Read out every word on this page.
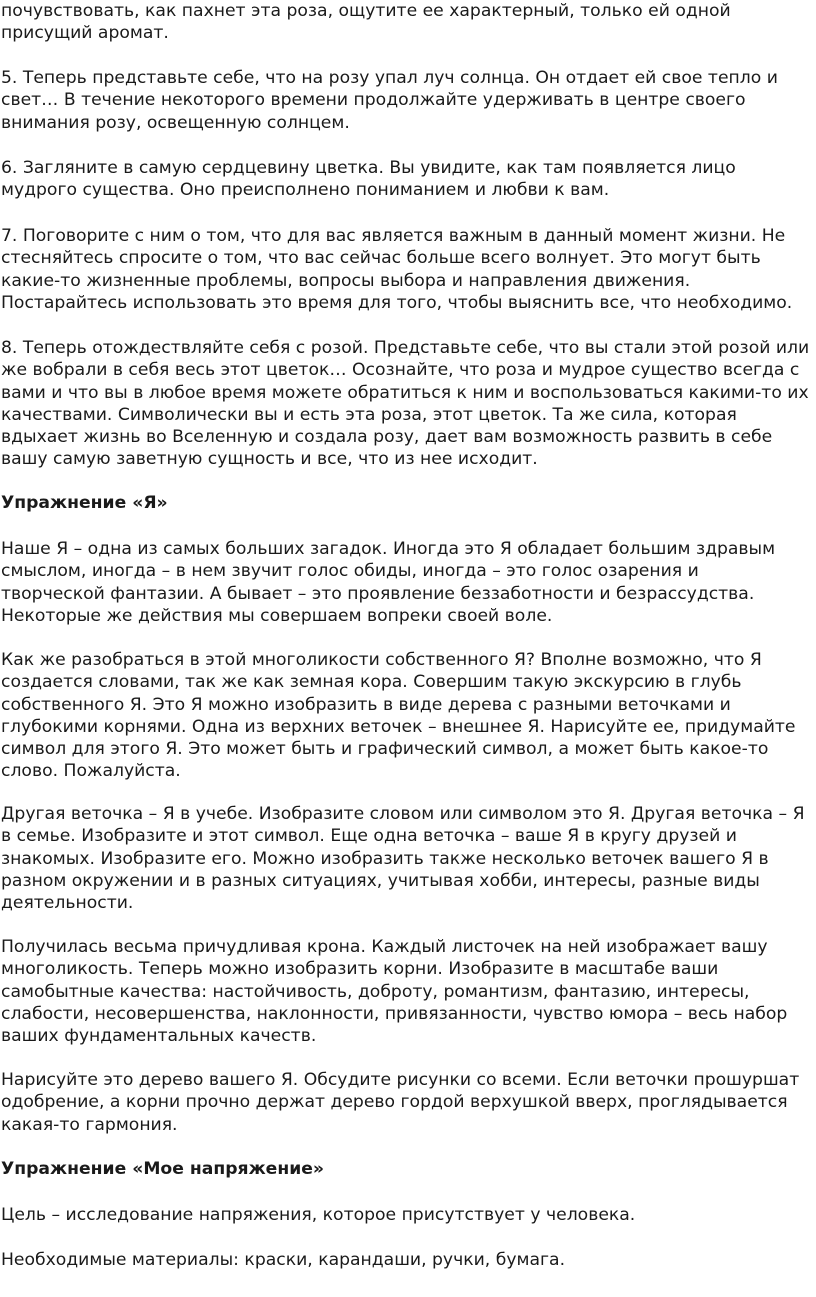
почувствовать, как пахнет эта роза, ощутите ее характерный, только ей одной присущий аромат.

5. Теперь представьте себе, что на розу упал луч солнца. Он отдает ей свое тепло и свет… В течение некоторого времени продолжайте удерживать в центре своего внимания розу, освещенную солнцем.

6. Загляните в самую сердцевину цветка. Вы увидите, как там появляется лицо мудрого существа. Оно преисполнено пониманием и любви к вам.

7. Поговорите с ним о том, что для вас является важным в данный момент жизни. Не стесняйтесь спросите о том, что вас сейчас больше всего волнует. Это могут быть какие-то жизненные проблемы, вопросы выбора и направления движения. Постарайтесь использовать это время для того, чтобы выяснить все, что необходимо.

8. Теперь отождествляйте себя с розой. Представьте себе, что вы стали этой розой или же вобрали в себя весь этот цветок… Осознайте, что роза и мудрое существо всегда с вами и что вы в любое время можете обратиться к ним и воспользоваться какими-то их качествами. Символически вы и есть эта роза, этот цветок. Та же сила, которая вдыхает жизнь во Вселенную и создала розу, дает вам возможность развить в себе вашу самую заветную сущность и все, что из нее исходит.

Упражнение «Я»

Наше Я – одна из самых больших загадок. Иногда это Я обладает большим здравым смыслом, иногда – в нем звучит голос обиды, иногда – это голос озарения и творческой фантазии. А бывает – это проявление беззаботности и безрассудства. Некоторые же действия мы совершаем вопреки своей воле.

Как же разобраться в этой многоликости собственного Я? Вполне возможно, что Я создается словами, так же как земная кора. Совершим такую экскурсию в глубь собственного Я. Это Я можно изобразить в виде дерева с разными веточками и глубокими корнями. Одна из верхних веточек – внешнее Я. Нарисуйте ее, придумайте символ для этого Я. Это может быть и графический символ, а может быть какое-то слово. Пожалуйста.

Другая веточка – Я в учебе. Изобразите словом или символом это Я. Другая веточка – Я в семье. Изобразите и этот символ. Еще одна веточка – ваше Я в кругу друзей и знакомых. Изобразите его. Можно изобразить также несколько веточек вашего Я в разном окружении и в разных ситуациях, учитывая хобби, интересы, разные виды деятельности.

Получилась весьма причудливая крона. Каждый листочек на ней изображает вашу многоликость. Теперь можно изобразить корни. Изобразите в масштабе ваши самобытные качества: настойчивость, доброту, романтизм, фантазию, интересы, слабости, несовершенства, наклонности, привязанности, чувство юмора – весь набор ваших фундаментальных качеств.

Нарисуйте это дерево вашего Я. Обсудите рисунки со всеми. Если веточки прошуршат одобрение, а корни прочно держат дерево гордой верхушкой вверх, проглядывается какая-то гармония.

Упражнение «Мое напряжение»

Цель – исследование напряжения, которое присутствует у человека.

Необходимые материалы: краски, карандаши, ручки, бумага.
